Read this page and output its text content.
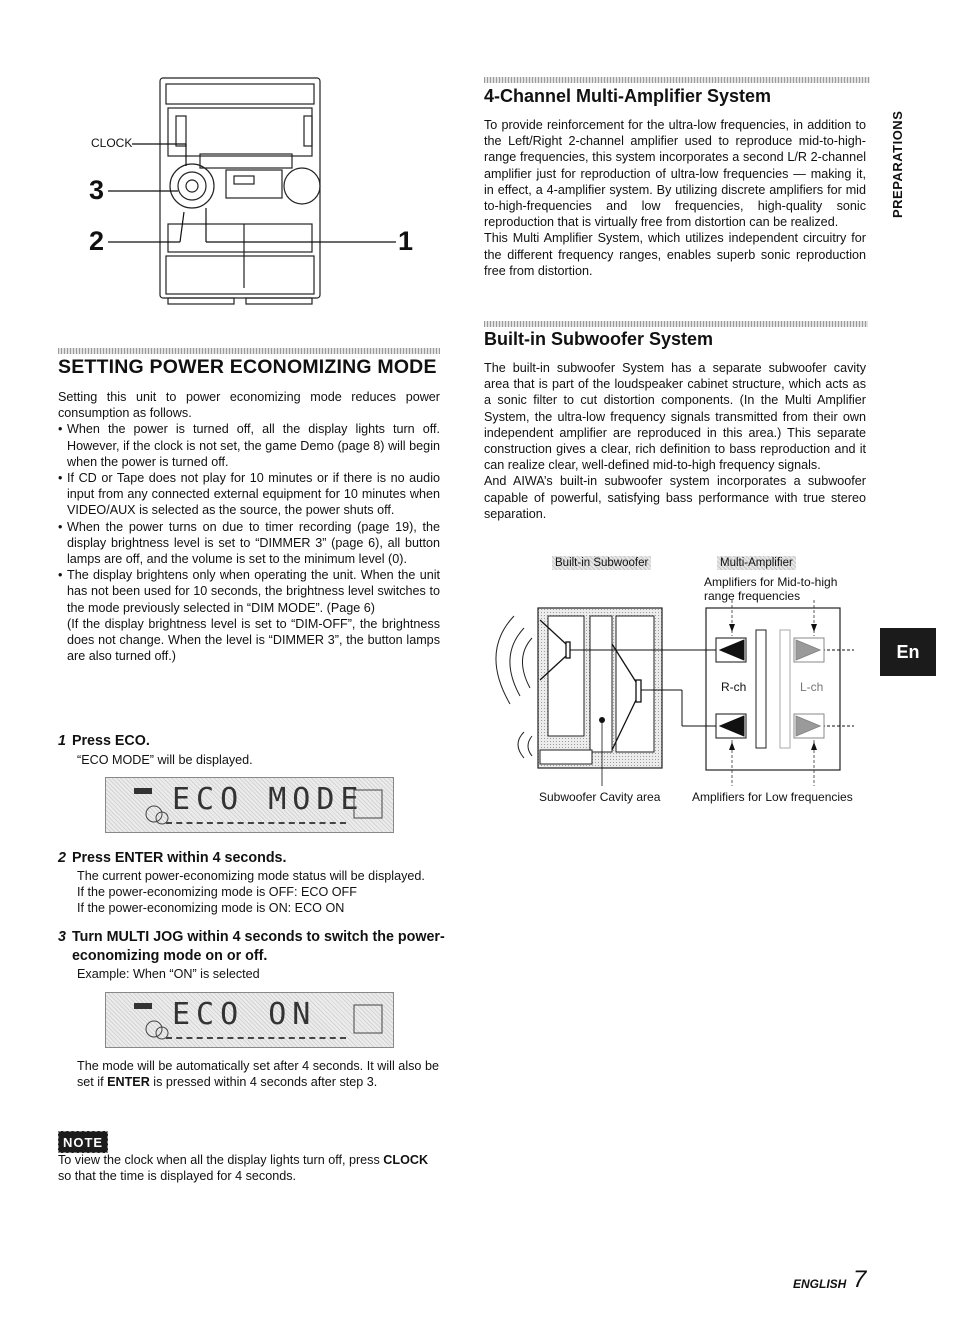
CLOCK
3
2	1
SETTING POWER ECONOMIZING MODE

Setting this unit to power economizing mode reduces power consumption as follows.

• When the power is turned off, all the display lights turn off. However, if the clock is not set, the game Demo (page 8) will begin when the power is turned off.

• If CD or Tape does not play for 10 minutes or if there is no audio input from any connected external equipment for 10 minutes when VIDEO/AUX is selected as the source, the power shuts off.

• When the power turns on due to timer recording (page 19), the display brightness level is set to “DIMMER 3” (page 6), all button lamps are off, and the volume is set to the minimum level (0).

• The display brightens only when operating the unit. When the unit has not been used for 10 seconds, the brightness level switches to the mode previously selected in “DIM MODE”. (Page 6)

(If the display brightness level is set to “DIM-OFF”, the brightness does not change. When the level is “DIMMER 3”, the button lamps are also turned off.)

1 Press ECO.
“ECO MODE” will be displayed.
ECO MODE
2 Press ENTER within 4 seconds.

The current power-economizing mode status will be displayed.

If the power-economizing mode is OFF: ECO OFF

If the power-economizing mode is ON: ECO ON

3 Turn MULTI JOG within 4 seconds to switch the power-economizing mode on or off.
Example: When “ON” is selected
ECO ON
The mode will be automatically set after 4 seconds. It will also be set if ENTER is pressed within 4 seconds after step 3.
NOTE
To view the clock when all the display lights turn off, press CLOCK so that the time is displayed for 4 seconds.
4-Channel Multi-Amplifier System

To provide reinforcement for the ultra-low frequencies, in addition to the Left/Right 2-channel amplifier used to reproduce mid-to-high-range frequencies, this system incorporates a second L/R 2-channel amplifier just for reproduction of ultra-low frequencies — making it, in effect, a 4-amplifier system. By utilizing discrete amplifiers for mid to-high-frequencies and low frequencies, high-quality sonic reproduction that is virtually free from distortion can be realized.

This Multi Amplifier System, which utilizes independent circuitry for the different frequency ranges, enables superb sonic reproduction free from distortion.

PREPARATIONS
En
Built-in Subwoofer System

The built-in subwoofer System has a separate subwoofer cavity area that is part of the loudspeaker cabinet structure, which acts as a sonic filter to cut distortion components. (In the Multi Amplifier System, the ultra-low frequency signals transmitted from their own independent amplifier are reproduced in this area.) This separate construction gives a clear, rich definition to bass reproduction and it can realize clear, well-defined mid-to-high frequency signals.

And AIWA’s built-in subwoofer system incorporates a subwoofer capable of powerful, satisfying bass performance with true stereo separation.

Built-in Subwoofer	Multi-Amplifier
Amplifiers for Mid-to-high
range frequencies
R-ch	L-ch
Subwoofer Cavity area	Amplifiers for Low frequencies
ENGLISH 7
